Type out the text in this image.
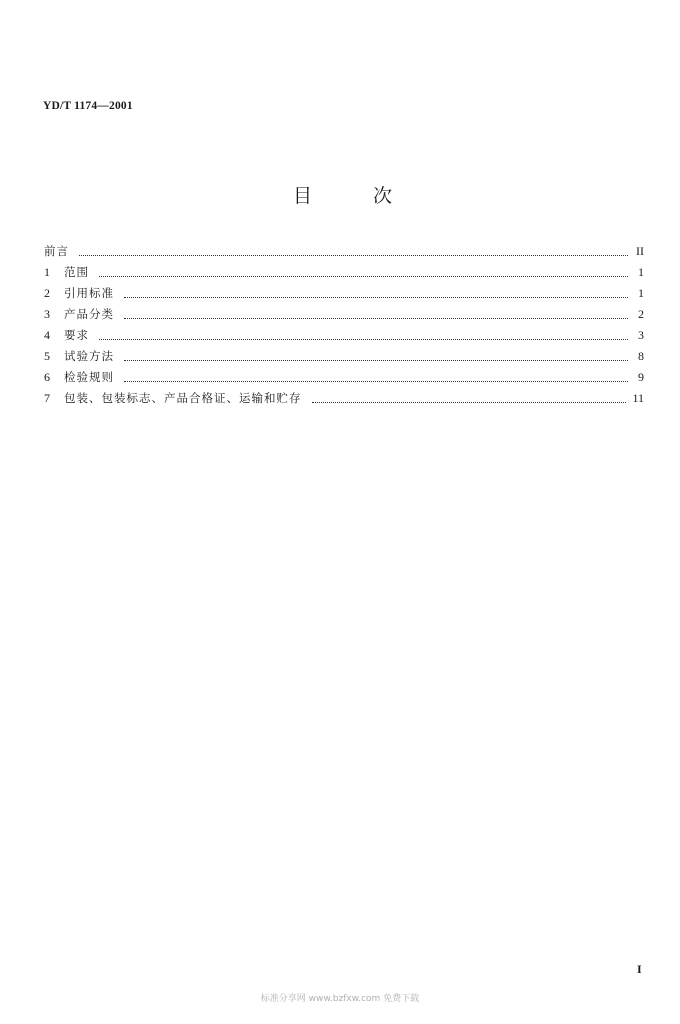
YD/T 1174—2001
目	次
前言	II
1	范围	1
2	引用标准	1
3	产品分类	2
4	要求	3
5	试验方法	8
6	检验规则	9
7	包装、包装标志、产品合格证、运输和贮存	11
I
标准分享网 www.bzfxw.com 免费下载
